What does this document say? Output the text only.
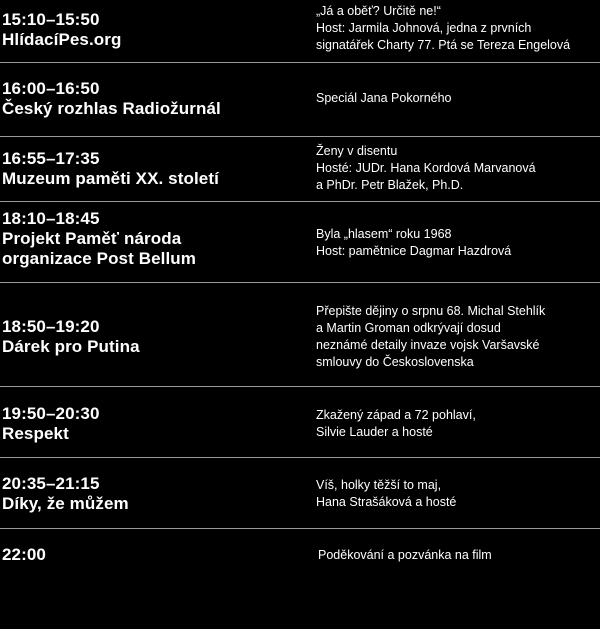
15:10–15:50
HlídacíPes.org
„Já a oběť? Určitě ne!“
Host: Jarmila Johnová, jedna z prvních
signatářek Charty 77. Ptá se Tereza Engelová
16:00–16:50
Český rozhlas Radiožurnál
Speciál Jana Pokorného
16:55–17:35
Muzeum paměti XX. století
Ženy v disentu
Hosté: JUDr. Hana Kordová Marvanová
a PhDr. Petr Blažek, Ph.D.
18:10–18:45
Projekt Paměť národa
organizace Post Bellum
Byla „hlasem“ roku 1968
Host: pamětnice Dagmar Hazdrová
18:50–19:20
Dárek pro Putina
Přepište dějiny o srpnu 68. Michal Stehlík
a Martin Groman odkrývají dosud
neznámé detaily invaze vojsk Varšavské
smlouvy do Československa
19:50–20:30
Respekt
Zkažený západ a 72 pohlaví,
Silvie Lauder a hosté
20:35–21:15
Díky, že můžem
Víš, holky těžší to maj,
Hana Strašáková a hosté
22:00	Poděkování a pozvánka na film
